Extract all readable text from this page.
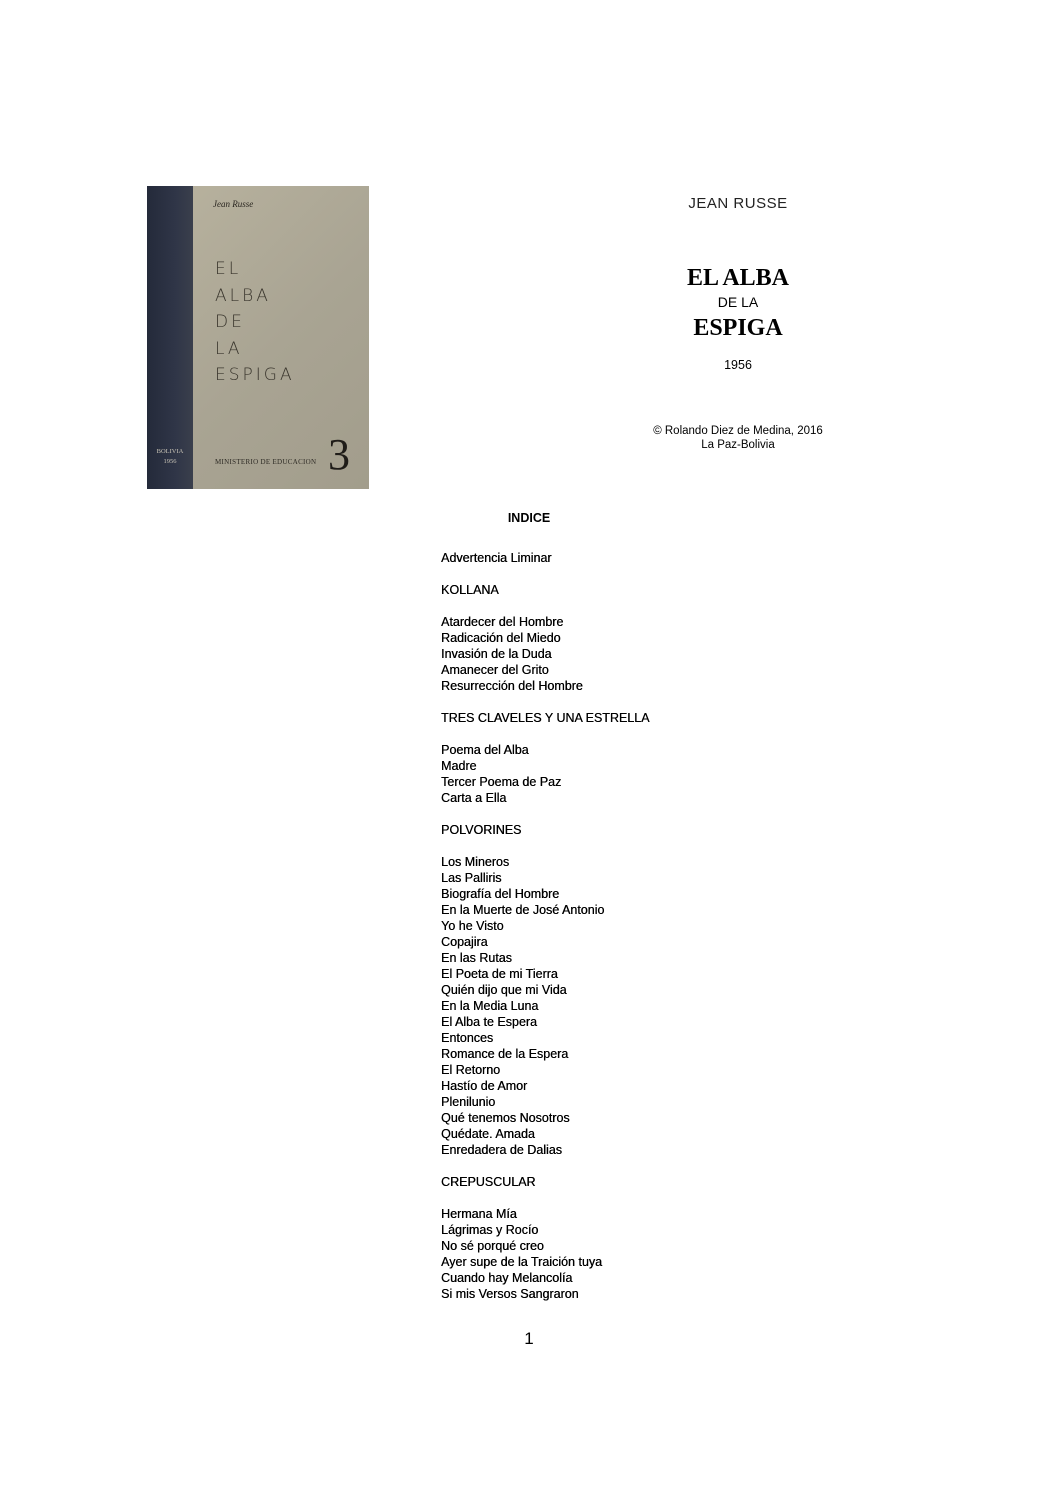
Jean Russe
EL
ALBA
DE
LA
ESPIGA
BOLIVIA
1956	MINISTERIO DE EDUCACION 3
JEAN RUSSE
EL ALBA
DE LA
ESPIGA
1956
© Rolando Diez de Medina, 2016
La Paz-Bolivia
INDICE
Advertencia Liminar
KOLLANA
Atardecer del Hombre
Radicación del Miedo
Invasión de la Duda
Amanecer del Grito
Resurrección del Hombre
TRES CLAVELES Y UNA ESTRELLA
Poema del Alba
Madre
Tercer Poema de Paz
Carta a Ella
POLVORINES
Los Mineros
Las Palliris
Biografía del Hombre
En la Muerte de José Antonio
Yo he Visto
Copajira
En las Rutas
El Poeta de mi Tierra
Quién dijo que mi Vida
En la Media Luna
El Alba te Espera
Entonces
Romance de la Espera
El Retorno
Hastío de Amor
Plenilunio
Qué tenemos Nosotros
Quédate. Amada
Enredadera de Dalias
CREPUSCULAR
Hermana Mía
Lágrimas y Rocío
No sé porqué creo
Ayer supe de la Traición tuya
Cuando hay Melancolía
Si mis Versos Sangraron
1
